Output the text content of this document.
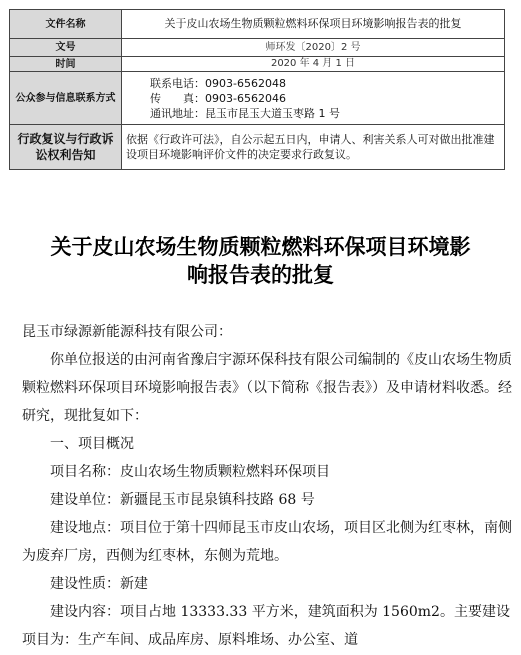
文件名称	关于皮山农场生物质颗粒燃料环保项目环境影响报告表的批复
文号	师环发〔2020〕2 号
时间	2020 年 4 月 1 日
公众参与信息联系方式	联系电话：0903-6562048
传　　真：0903-6562046
通讯地址：昆玉市昆玉大道玉枣路 1 号

行政复议与行政诉讼权利告知	依据《行政许可法》，自公示起五日内，申请人、利害关系人可对做出批准建设项目环境影响评价文件的决定要求行政复议。
关于皮山农场生物质颗粒燃料环保项目环境影
响报告表的批复

昆玉市绿源新能源科技有限公司：

你单位报送的由河南省豫启宇源环保科技有限公司编制的《皮山农场生物质颗粒燃料环保项目环境影响报告表》（以下简称《报告表》）及申请材料收悉。经研究，现批复如下：

一、项目概况

项目名称：皮山农场生物质颗粒燃料环保项目

建设单位：新疆昆玉市昆泉镇科技路 68 号

建设地点：项目位于第十四师昆玉市皮山农场，项目区北侧为红枣林，南侧为废弃厂房，西侧为红枣林，东侧为荒地。

建设性质：新建

建设内容：项目占地 13333.33 平方米，建筑面积为 1560m2。主要建设项目为：生产车间、成品库房、原料堆场、办公室、道
